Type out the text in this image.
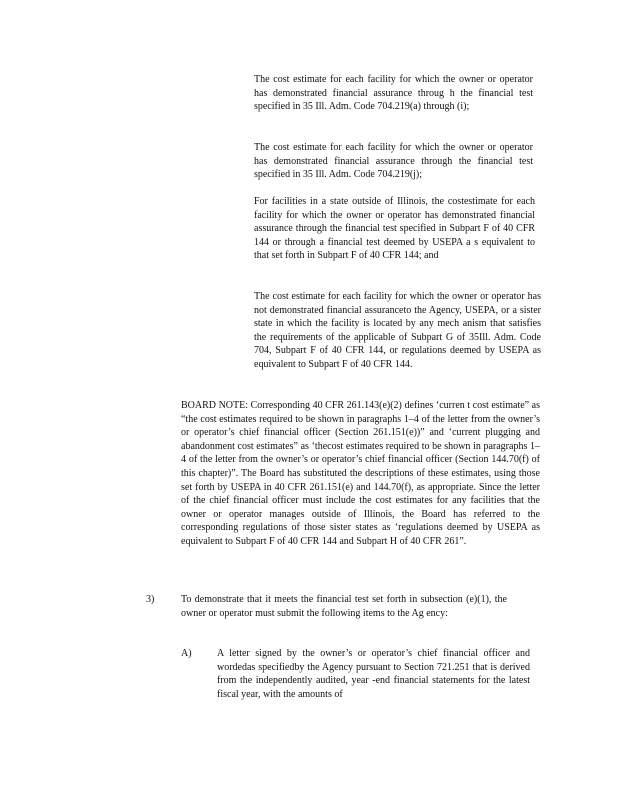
The cost estimate for each facility for which the owner or operator has demonstrated financial assurance throug h the financial test specified in 35 Ill. Adm. Code 704.219(a) through (i);
The cost estimate for each facility for which the owner or operator has demonstrated financial assurance through the financial test specified in 35 Ill. Adm. Code 704.219(j);
For facilities in a state outside of Illinois, the costestimate for each facility for which the owner or operator has demonstrated financial assurance through the financial test specified in Subpart F of 40 CFR 144 or through a financial test deemed by USEPA a s equivalent to that set forth in Subpart F of 40 CFR 144; and
The cost estimate for each facility for which the owner or operator has not demonstrated financial assuranceto the Agency, USEPA, or a sister state in which the facility is located by any mech anism that satisfies the requirements of the applicable of Subpart G of 35Ill. Adm. Code 704, Subpart F of 40 CFR 144, or regulations deemed by USEPA as equivalent to Subpart F of 40 CFR 144.
BOARD NOTE: Corresponding 40 CFR 261.143(e)(2) defines ‘curren t cost estimate” as “the cost estimates required to be shown in paragraphs 1–4 of the letter from the owner’s or operator’s chief financial officer (Section 261.151(e))” and ‘current plugging and abandonment cost estimates” as ‘thecost estimates required to be shown in paragraphs 1–4 of the letter from the owner’s or operator’s chief financial officer (Section 144.70(f) of this chapter)”. The Board has substituted the descriptions of these estimates, using those set forth by USEPA in 40 CFR 261.151(e) and 144.70(f), as appropriate. Since the letter of the chief financial officer must include the cost estimates for any facilities that the owner or operator manages outside of Illinois, the Board has referred to the corresponding regulations of those sister states as ‘regulations deemed by USEPA as equivalent to Subpart F of 40 CFR 144 and Subpart H of 40 CFR 261”.
3)	To demonstrate that it meets the financial test set forth in subsection (e)(1), the owner or operator must submit the following items to the Ag ency:
A)	A letter signed by the owner’s or operator’s chief financial officer and wordedas specifiedby the Agency pursuant to Section 721.251 that is derived from the independently audited, year -end financial statements for the latest fiscal year, with the amounts of
